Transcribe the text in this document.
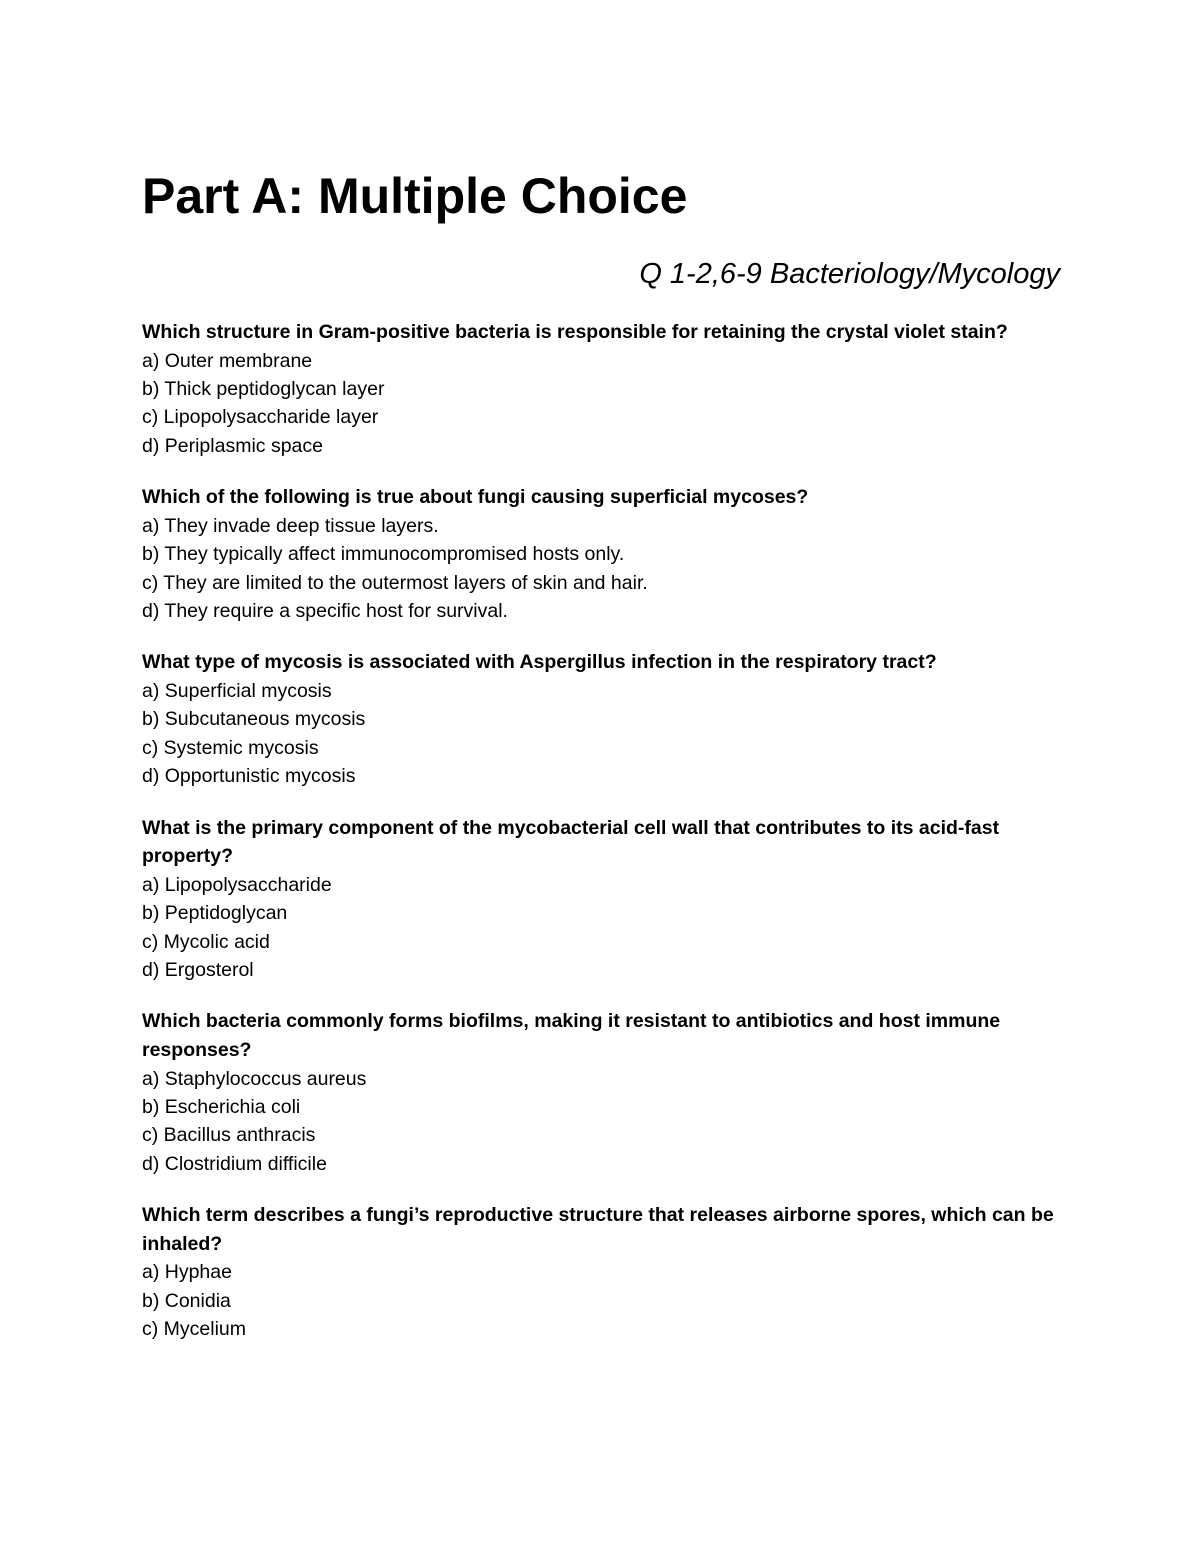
Part A: Multiple Choice
Q 1-2,6-9 Bacteriology/Mycology
Which structure in Gram-positive bacteria is responsible for retaining the crystal violet stain?
a) Outer membrane
b) Thick peptidoglycan layer
c) Lipopolysaccharide layer
d) Periplasmic space
Which of the following is true about fungi causing superficial mycoses?
a) They invade deep tissue layers.
b) They typically affect immunocompromised hosts only.
c) They are limited to the outermost layers of skin and hair.
d) They require a specific host for survival.
What type of mycosis is associated with Aspergillus infection in the respiratory tract?
a) Superficial mycosis
b) Subcutaneous mycosis
c) Systemic mycosis
d) Opportunistic mycosis
What is the primary component of the mycobacterial cell wall that contributes to its acid-fast property?
a) Lipopolysaccharide
b) Peptidoglycan
c) Mycolic acid
d) Ergosterol
Which bacteria commonly forms biofilms, making it resistant to antibiotics and host immune responses?
a) Staphylococcus aureus
b) Escherichia coli
c) Bacillus anthracis
d) Clostridium difficile
Which term describes a fungi’s reproductive structure that releases airborne spores, which can be inhaled?
a) Hyphae
b) Conidia
c) Mycelium
